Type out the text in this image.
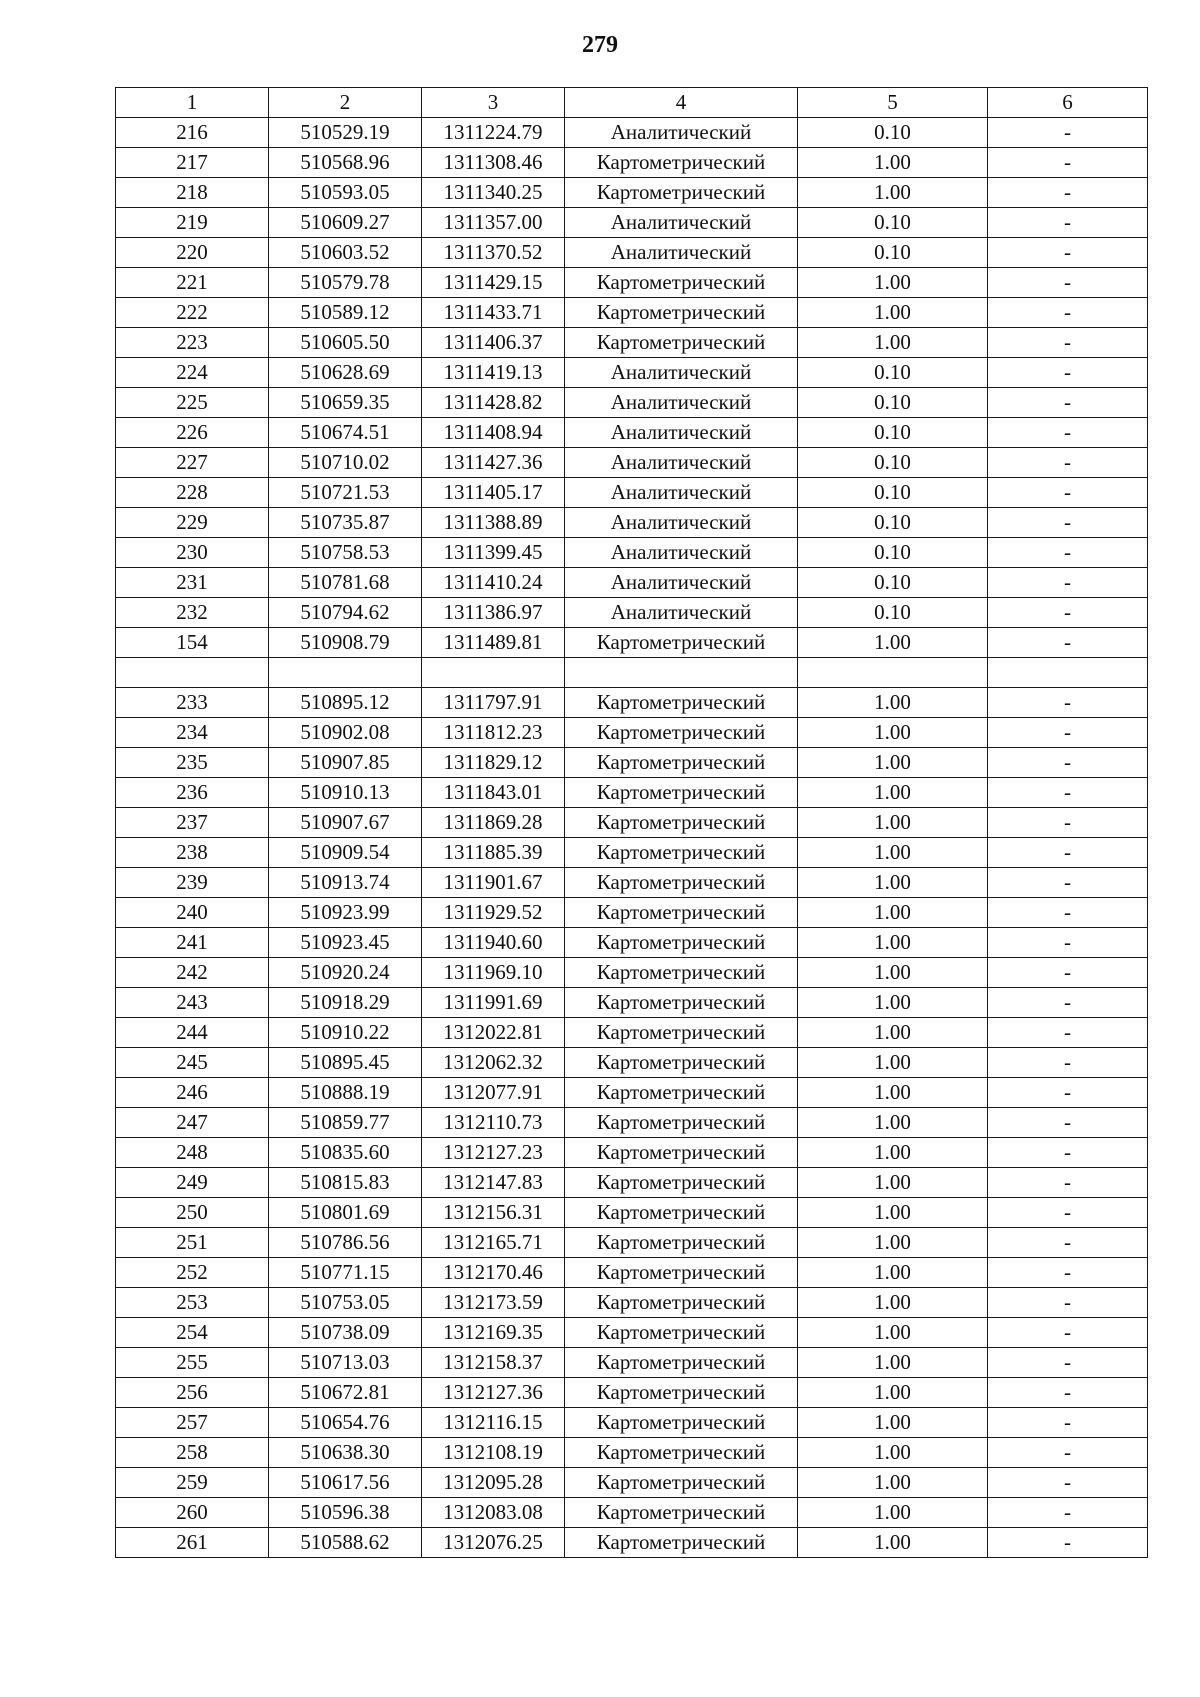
279
1	2	3	4	5	6
216	510529.19	1311224.79	Аналитический	0.10	-
217	510568.96	1311308.46	Картометрический	1.00	-
218	510593.05	1311340.25	Картометрический	1.00	-
219	510609.27	1311357.00	Аналитический	0.10	-
220	510603.52	1311370.52	Аналитический	0.10	-
221	510579.78	1311429.15	Картометрический	1.00	-
222	510589.12	1311433.71	Картометрический	1.00	-
223	510605.50	1311406.37	Картометрический	1.00	-
224	510628.69	1311419.13	Аналитический	0.10	-
225	510659.35	1311428.82	Аналитический	0.10	-
226	510674.51	1311408.94	Аналитический	0.10	-
227	510710.02	1311427.36	Аналитический	0.10	-
228	510721.53	1311405.17	Аналитический	0.10	-
229	510735.87	1311388.89	Аналитический	0.10	-
230	510758.53	1311399.45	Аналитический	0.10	-
231	510781.68	1311410.24	Аналитический	0.10	-
232	510794.62	1311386.97	Аналитический	0.10	-
154	510908.79	1311489.81	Картометрический	1.00	-

233	510895.12	1311797.91	Картометрический	1.00	-
234	510902.08	1311812.23	Картометрический	1.00	-
235	510907.85	1311829.12	Картометрический	1.00	-
236	510910.13	1311843.01	Картометрический	1.00	-
237	510907.67	1311869.28	Картометрический	1.00	-
238	510909.54	1311885.39	Картометрический	1.00	-
239	510913.74	1311901.67	Картометрический	1.00	-
240	510923.99	1311929.52	Картометрический	1.00	-
241	510923.45	1311940.60	Картометрический	1.00	-
242	510920.24	1311969.10	Картометрический	1.00	-
243	510918.29	1311991.69	Картометрический	1.00	-
244	510910.22	1312022.81	Картометрический	1.00	-
245	510895.45	1312062.32	Картометрический	1.00	-
246	510888.19	1312077.91	Картометрический	1.00	-
247	510859.77	1312110.73	Картометрический	1.00	-
248	510835.60	1312127.23	Картометрический	1.00	-
249	510815.83	1312147.83	Картометрический	1.00	-
250	510801.69	1312156.31	Картометрический	1.00	-
251	510786.56	1312165.71	Картометрический	1.00	-
252	510771.15	1312170.46	Картометрический	1.00	-
253	510753.05	1312173.59	Картометрический	1.00	-
254	510738.09	1312169.35	Картометрический	1.00	-
255	510713.03	1312158.37	Картометрический	1.00	-
256	510672.81	1312127.36	Картометрический	1.00	-
257	510654.76	1312116.15	Картометрический	1.00	-
258	510638.30	1312108.19	Картометрический	1.00	-
259	510617.56	1312095.28	Картометрический	1.00	-
260	510596.38	1312083.08	Картометрический	1.00	-
261	510588.62	1312076.25	Картометрический	1.00	-
